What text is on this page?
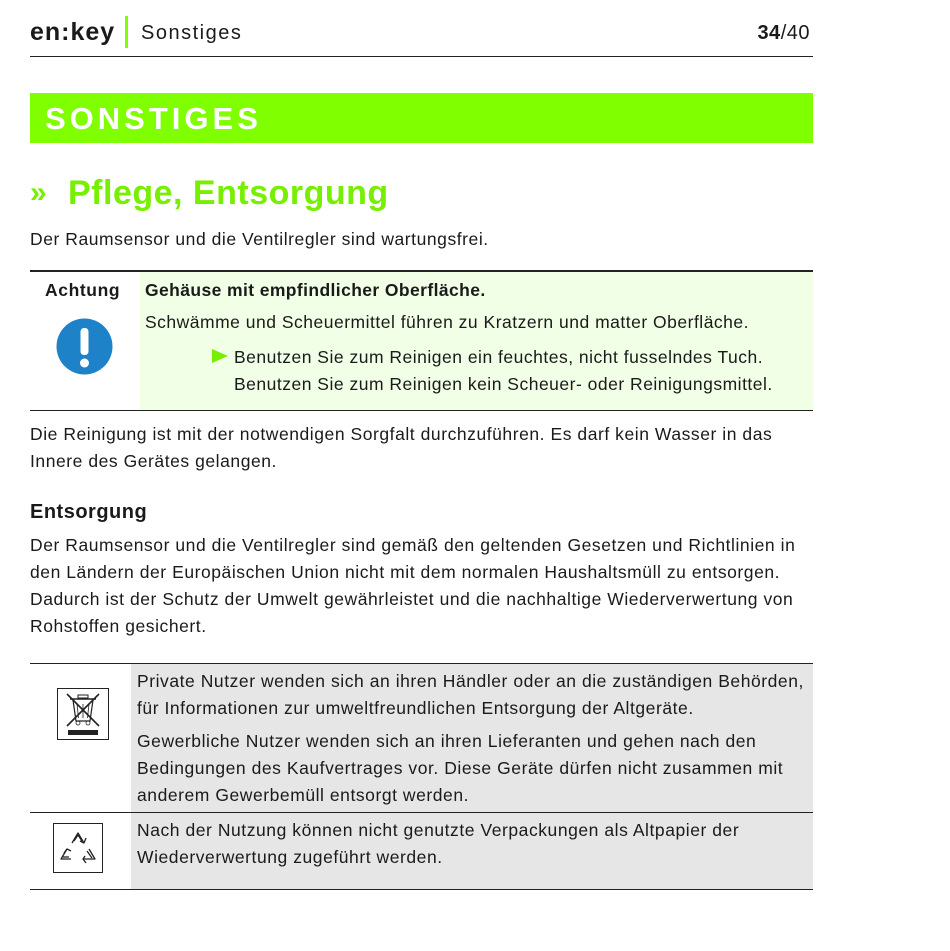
en:key Sonstiges	34/40
SONSTIGES
» Pflege, Entsorgung

Der Raumsensor und die Ventilregler sind wartungsfrei.

Achtung Gehäuse mit empfindlicher Oberfläche.
Schwämme und Scheuermittel führen zu Kratzern und matter Oberfläche.
Benutzen Sie zum Reinigen ein feuchtes, nicht fusselndes Tuch.
Benutzen Sie zum Reinigen kein Scheuer- oder Reinigungsmittel.

Die Reinigung ist mit der notwendigen Sorgfalt durchzuführen. Es darf kein Wasser in das Innere des Gerätes gelangen.

Entsorgung

Der Raumsensor und die Ventilregler sind gemäß den geltenden Gesetzen und Richtlinien in den Ländern der Europäischen Union nicht mit dem normalen Haushaltsmüll zu entsorgen. Dadurch ist der Schutz der Umwelt gewährleistet und die nachhaltige Wiederverwertung von Rohstoffen gesichert.

Private Nutzer wenden sich an ihren Händler oder an die zuständigen Behörden, für Informationen zur umweltfreundlichen Entsorgung der Altgeräte.

Gewerbliche Nutzer wenden sich an ihren Lieferanten und gehen nach den Bedingungen des Kaufvertrages vor. Diese Geräte dürfen nicht zusammen mit anderem Gewerbemüll entsorgt werden.

Nach der Nutzung können nicht genutzte Verpackungen als Altpapier der Wiederverwertung zugeführt werden.
